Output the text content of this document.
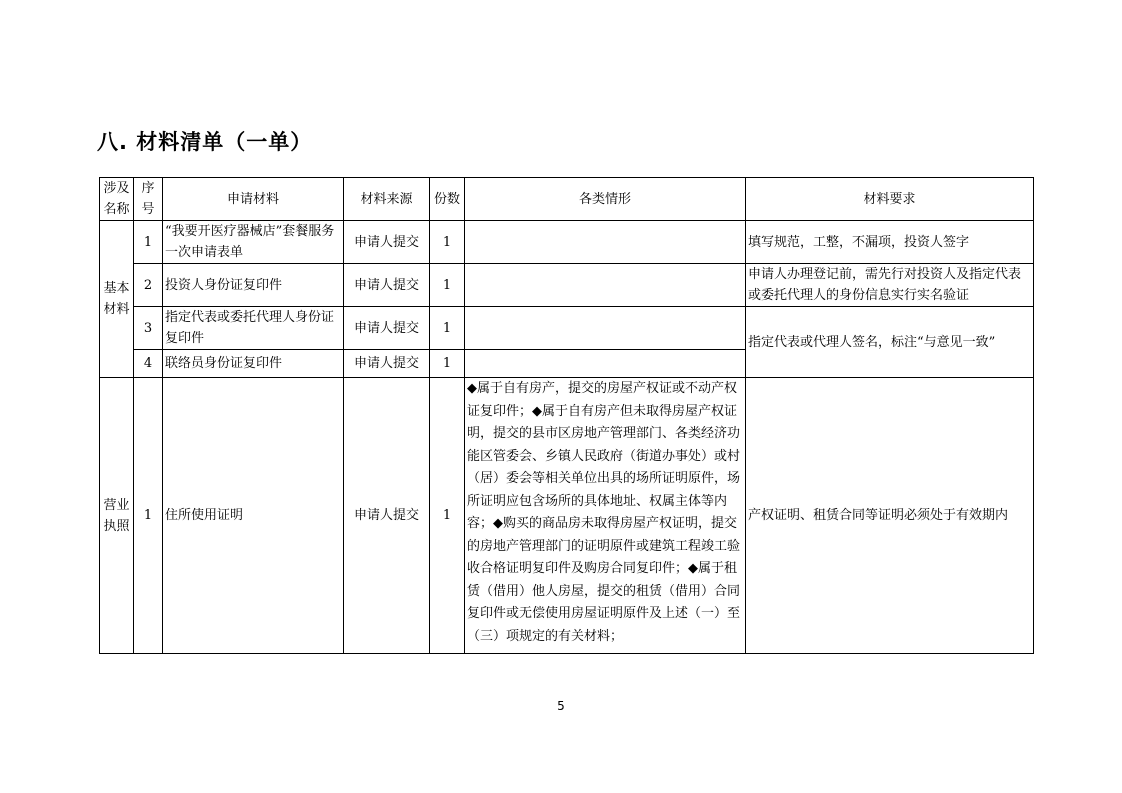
八. 材料清单（一单）
涉及名称	序号	申请材料	材料来源	份数	各类情形	材料要求
基本材料	1	“我要开医疗器械店”套餐服务一次申请表单	申请人提交	1		填写规范，工整，不漏项，投资人签字
	2	投资人身份证复印件	申请人提交	1		申请人办理登记前，需先行对投资人及指定代表或委托代理人的身份信息实行实名验证
	3	指定代表或委托代理人身份证复印件	申请人提交	1		指定代表或代理人签名，标注“与意见一致”
	4	联络员身份证复印件	申请人提交	1		
营业执照	1	住所使用证明	申请人提交	1	◆属于自有房产，提交的房屋产权证或不动产权证复印件；◆属于自有房产但未取得房屋产权证明，提交的县市区房地产管理部门、各类经济功能区管委会、乡镇人民政府（街道办事处）或村（居）委会等相关单位出具的场所证明原件，场所证明应包含场所的具体地址、权属主体等内容；◆购买的商品房未取得房屋产权证明，提交的房地产管理部门的证明原件或建筑工程竣工验收合格证明复印件及购房合同复印件；◆属于租赁（借用）他人房屋，提交的租赁（借用）合同复印件或无偿使用房屋证明原件及上述（一）至（三）项规定的有关材料；	产权证明、租赁合同等证明必须处于有效期内
5
